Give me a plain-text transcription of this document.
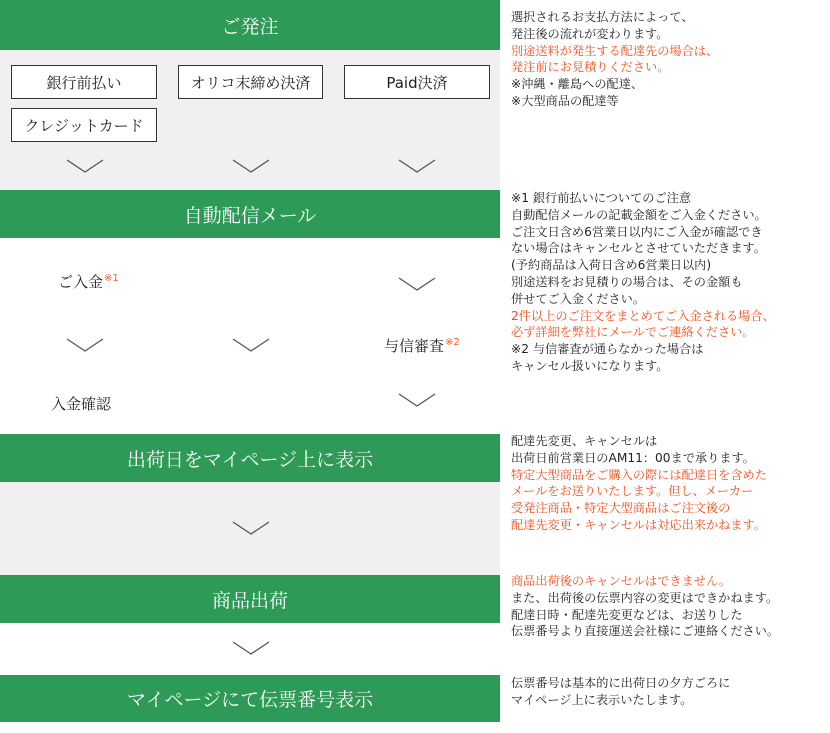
ご発注
銀行前払い	オリコ末締め決済	Paid決済
クレジットカード
自動配信メール
ご入金$^{※1}$
与信審査$^{※2}$
入金確認
出荷日をマイページ上に表示
商品出荷
マイページにて伝票番号表示
選択されるお支払方法によって、
発注後の流れが変わります。
別途送料が発生する配達先の場合は、
発注前にお見積りください。
※沖縄・離島への配達、
※大型商品の配達等
※1 銀行前払いについてのご注意
自動配信メールの記載金額をご入金ください。
ご注文日含め6営業日以内にご入金が確認でき
ない場合はキャンセルとさせていただきます。
(予約商品は入荷日含め6営業日以内)
別途送料をお見積りの場合は、その金額も
併せてご入金ください。
2件以上のご注文をまとめてご入金される場合、
必ず詳細を弊社にメールでご連絡ください。
※2 与信審査が通らなかった場合は
キャンセル扱いになります。
配達先変更、キャンセルは
出荷日前営業日のAM11：00まで承ります。
特定大型商品をご購入の際には配達日を含めた
メールをお送りいたします。但し、メーカー
受発注商品・特定大型商品はご注文後の
配達先変更・キャンセルは対応出来かねます。
商品出荷後のキャンセルはできません。
また、出荷後の伝票内容の変更はできかねます。
配達日時・配達先変更などは、お送りした
伝票番号より直接運送会社様にご連絡ください。
伝票番号は基本的に出荷日の夕方ごろに
マイページ上に表示いたします。
